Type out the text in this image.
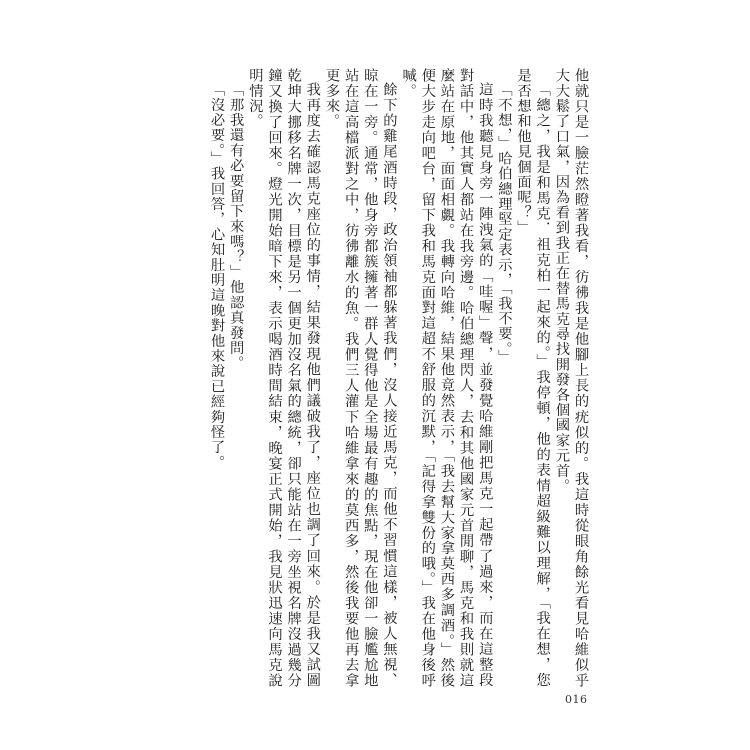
他就只是一臉茫然瞪著我看，彷彿我是他腳上長的疣似的。我這時從眼角餘光看見哈維似乎大大鬆了口氣，因為看到我正在替馬克尋找開發各個國家元首。

「總之，我是和馬克．祖克柏一起來的。」我停頓，他的表情超級難以理解，「我在想，您是否想和他見個面呢？」

「不想，」哈伯總理堅定表示，「我不要。」

這時我聽見身旁一陣洩氣的「哇喔」聲，並發覺哈維剛把馬克一起帶了過來，而在這整段對話中，他其實人都站在我旁邊。哈伯總理閃人，去和其他國家元首閒聊，馬克和我則就這麼站在原地，面面相覷。我轉向哈維，結果他竟然表示，「我去幫大家拿莫西多調酒。」然後便大步走向吧台，留下我和馬克面對這超不舒服的沉默，「記得拿雙份的哦。」我在他身後呼喊。

餘下的雞尾酒時段，政治領袖都躲著我們，沒人接近馬克，而他不習慣這樣，被人無視、晾在一旁。通常，他身旁都簇擁著一群人覺得他是全場最有趣的焦點，現在他卻一臉尷尬地站在這高檔派對之中，彷彿離水的魚。我們三人灌下哈維拿來的莫西多，然後我要他再去拿更多來。

我再度去確認馬克座位的事情，結果發現他們議破我了，座位也調了回來。於是我又試圖乾坤大挪移名牌一次，目標是另一個更加沒名氣的總統，卻只能站在一旁坐視名牌沒過幾分鐘又換了回來。燈光開始暗下來，表示喝酒時間結束，晚宴正式開始，我見狀迅速向馬克說明情況。

「那我還有必要留下來嗎？」他認真發問。

「沒必要。」我回答，心知肚明這晚對他來說已經夠怪了。

016
